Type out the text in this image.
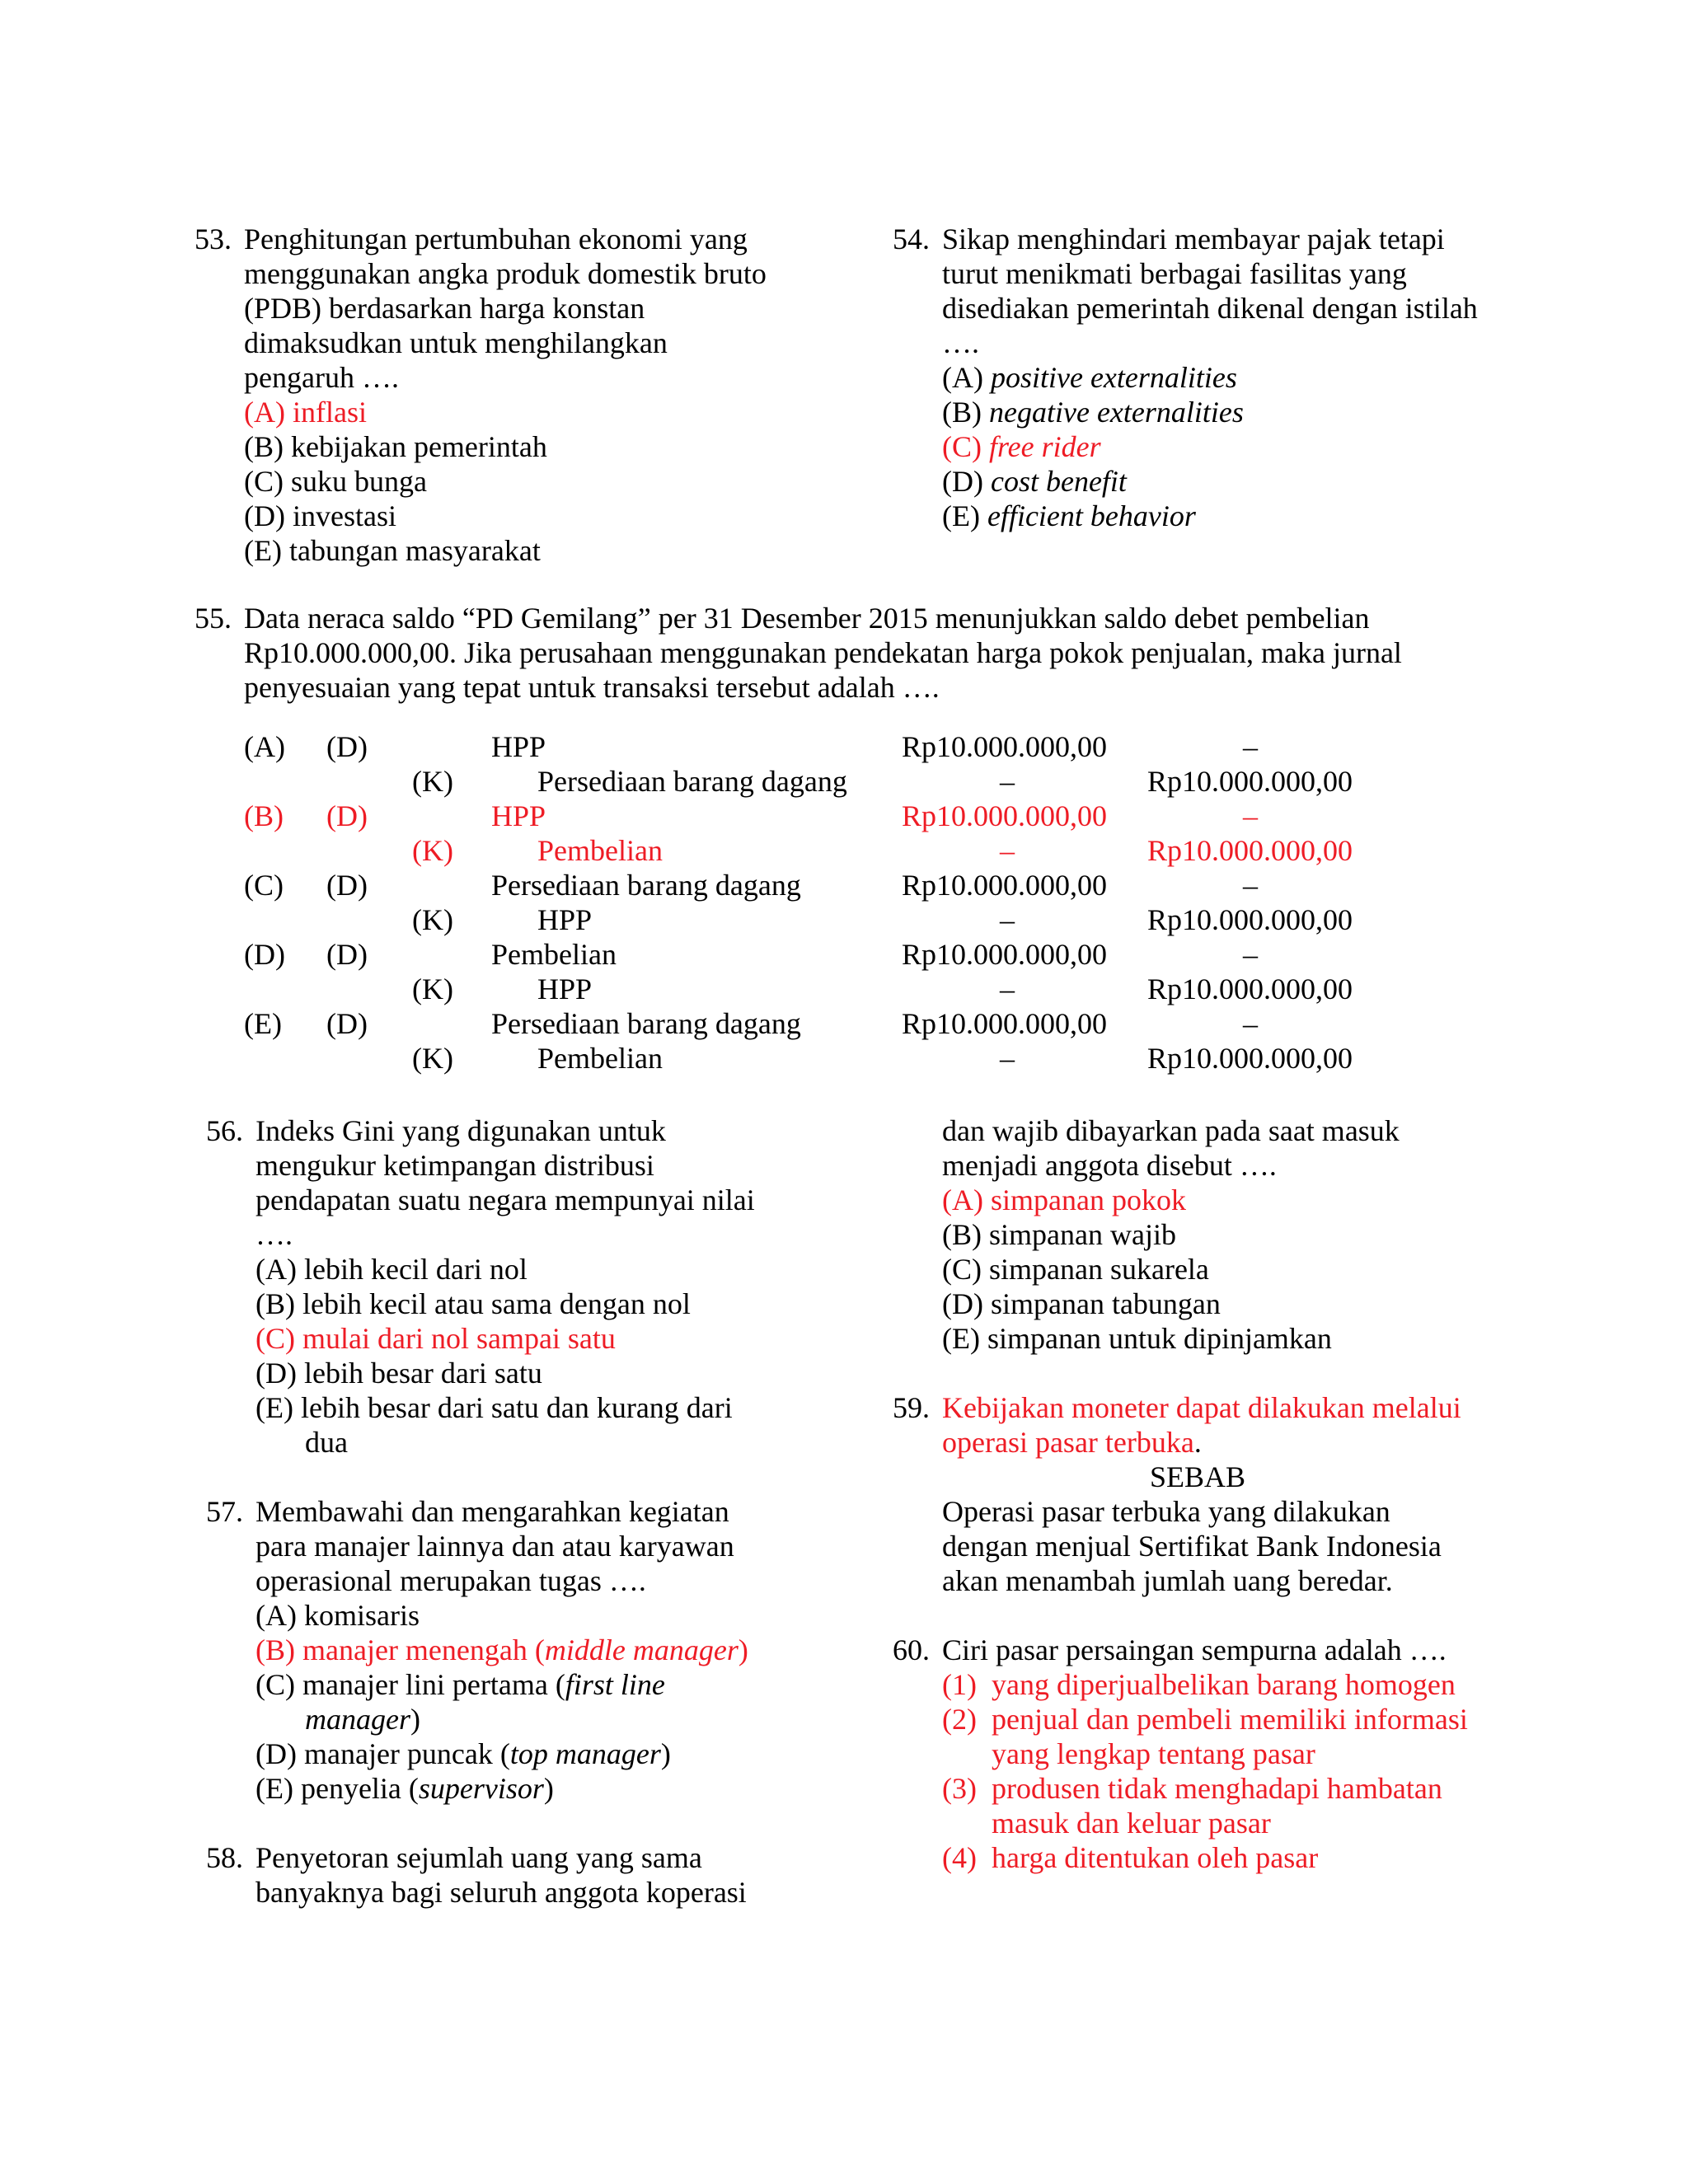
53. Penghitungan pertumbuhan ekonomi yang
menggunakan angka produk domestik bruto
(PDB) berdasarkan harga konstan
dimaksudkan untuk menghilangkan
pengaruh ….
(A) inflasi
(B) kebijakan pemerintah
(C) suku bunga
(D) investasi
(E) tabungan masyarakat
54. Sikap menghindari membayar pajak tetapi
turut menikmati berbagai fasilitas yang
disediakan pemerintah dikenal dengan istilah
….
(A) positive externalities
(B) negative externalities
(C) free rider
(D) cost benefit
(E) efficient behavior
55. Data neraca saldo “PD Gemilang” per 31 Desember 2015 menunjukkan saldo debet pembelian
Rp10.000.000,00. Jika perusahaan menggunakan pendekatan harga pokok penjualan, maka jurnal
penyesuaian yang tepat untuk transaksi tersebut adalah ….
(A) (D)	HPP	Rp10.000.000,00	–
(K)	Persediaan barang dagang	–	Rp10.000.000,00
(B) (D)	HPP	Rp10.000.000,00	–
(K)	Pembelian	–	Rp10.000.000,00
(C) (D)	Persediaan barang dagang	Rp10.000.000,00	–
(K)	HPP	–	Rp10.000.000,00
(D) (D)	Pembelian	Rp10.000.000,00	–
(K)	HPP	–	Rp10.000.000,00
(E) (D)	Persediaan barang dagang	Rp10.000.000,00	–
(K)	Pembelian	–	Rp10.000.000,00
56. Indeks Gini yang digunakan untuk
mengukur ketimpangan distribusi
pendapatan suatu negara mempunyai nilai
….
(A) lebih kecil dari nol
(B) lebih kecil atau sama dengan nol
(C) mulai dari nol sampai satu
(D) lebih besar dari satu
(E) lebih besar dari satu dan kurang dari
dua
57. Membawahi dan mengarahkan kegiatan
para manajer lainnya dan atau karyawan
operasional merupakan tugas ….
(A) komisaris
(B) manajer menengah (middle manager)
(C) manajer lini pertama (first line
manager)
(D) manajer puncak (top manager)
(E) penyelia (supervisor)
58. Penyetoran sejumlah uang yang sama
banyaknya bagi seluruh anggota koperasi
dan wajib dibayarkan pada saat masuk
menjadi anggota disebut ….
(A) simpanan pokok
(B) simpanan wajib
(C) simpanan sukarela
(D) simpanan tabungan
(E) simpanan untuk dipinjamkan
59. Kebijakan moneter dapat dilakukan melalui
operasi pasar terbuka.
SEBAB
Operasi pasar terbuka yang dilakukan
dengan menjual Sertifikat Bank Indonesia
akan menambah jumlah uang beredar.
60. Ciri pasar persaingan sempurna adalah ….
(1) yang diperjualbelikan barang homogen
(2) penjual dan pembeli memiliki informasi
yang lengkap tentang pasar
(3) produsen tidak menghadapi hambatan
masuk dan keluar pasar
(4) harga ditentukan oleh pasar
